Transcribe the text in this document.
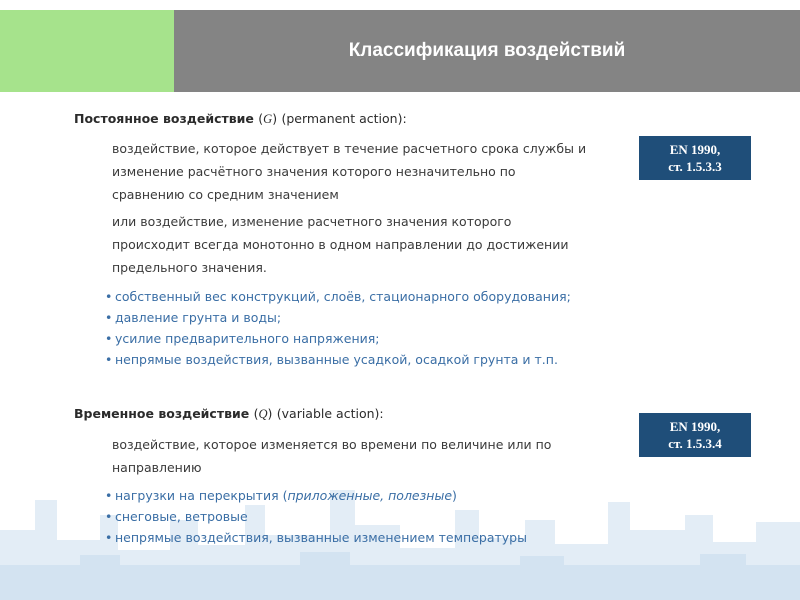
Классификация воздействий
Постоянное воздействие (G) (permanent action):
воздействие, которое действует в течение расчетного срока службы и
изменение расчётного значения которого незначительно по
сравнению со средним значением
или воздействие, изменение расчетного значения которого
происходит всегда монотонно в одном направлении до достижении
предельного значения.
• собственный вес конструкций, слоёв, стационарного оборудования;
• давление грунта и воды;
• усилие предварительного напряжения;
• непрямые воздействия, вызванные усадкой, осадкой грунта и т.п.
EN 1990,
ст. 1.5.3.3
Временное воздействие (Q) (variable action):
воздействие, которое изменяется во времени по величине или по
направлению
• нагрузки на перекрытия (приложенные, полезные)
• снеговые, ветровые
• непрямые воздействия, вызванные изменением температуры
EN 1990,
ст. 1.5.3.4
